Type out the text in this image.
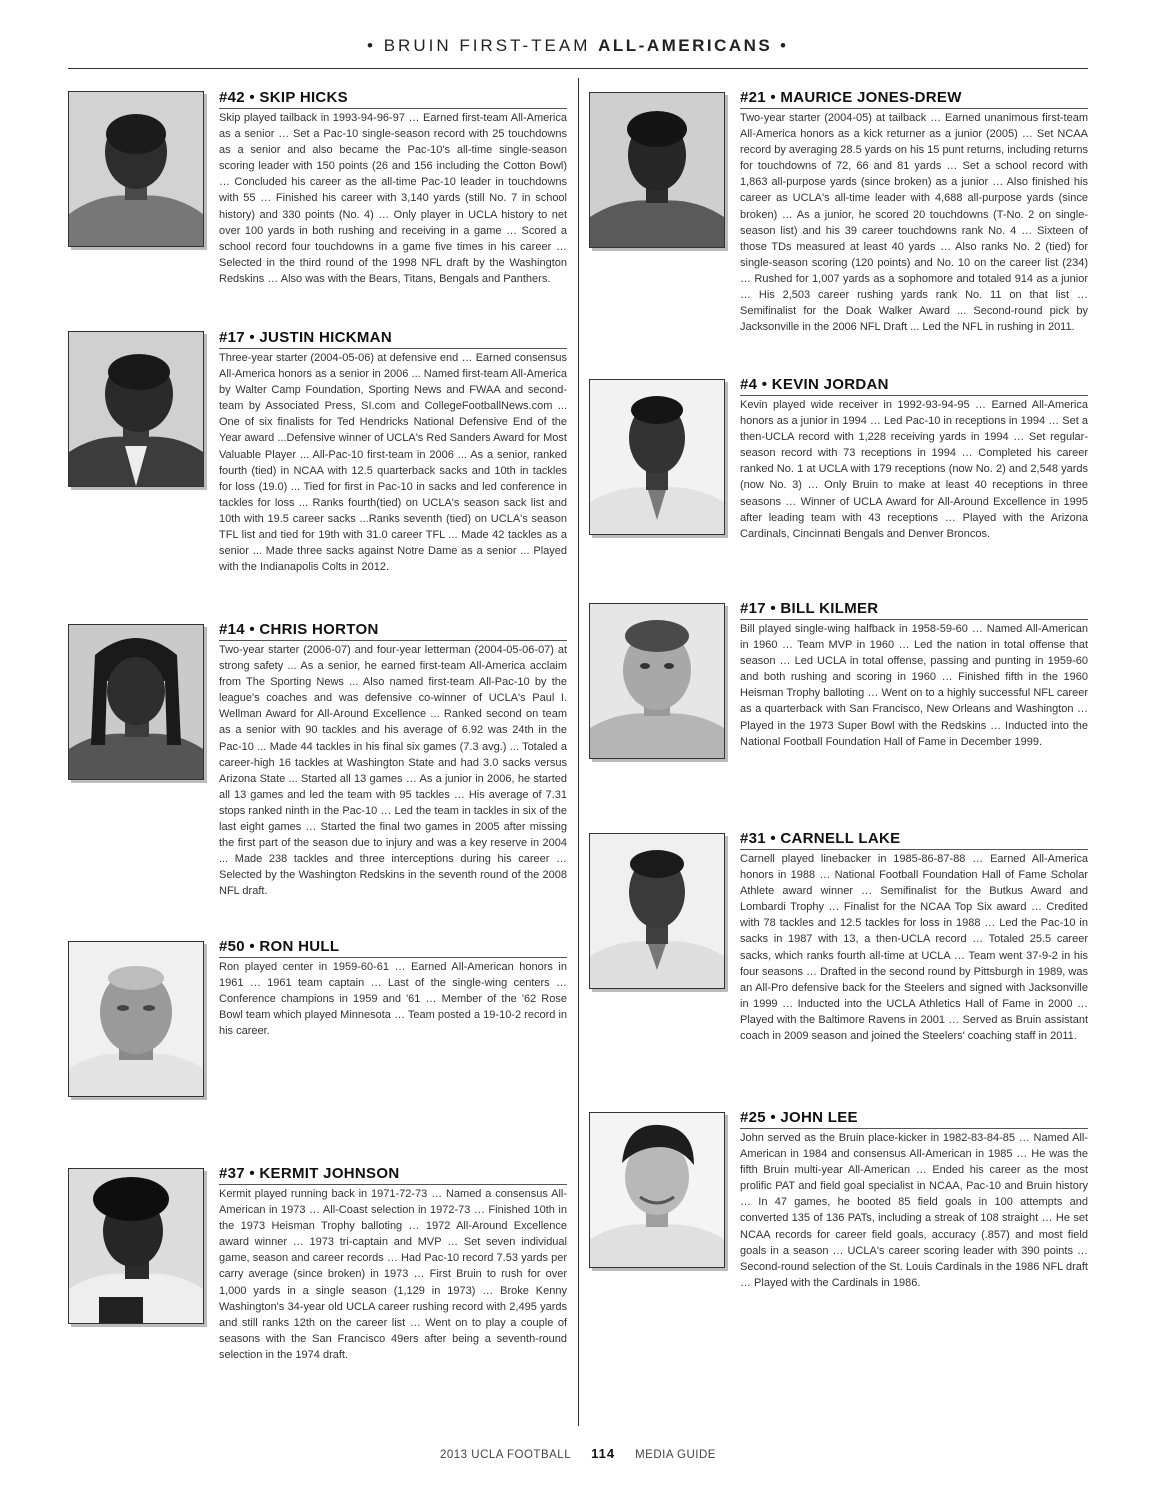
• BRUIN FIRST-TEAM ALL-AMERICANS •
#42 • SKIP HICKS
Skip played tailback in 1993-94-96-97 … Earned first-team All-America as a senior … Set a Pac-10 single-season record with 25 touchdowns as a senior and also became the Pac-10's all-time single-season scoring leader with 150 points (26 and 156 including the Cotton Bowl) … Concluded his career as the all-time Pac-10 leader in touchdowns with 55 … Finished his career with 3,140 yards (still No. 7 in school history) and 330 points (No. 4) … Only player in UCLA history to net over 100 yards in both rushing and receiving in a game … Scored a school record four touchdowns in a game five times in his career … Selected in the third round of the 1998 NFL draft by the Washington Redskins … Also was with the Bears, Titans, Bengals and Panthers.
#17 • JUSTIN HICKMAN
Three-year starter (2004-05-06) at defensive end … Earned consensus All-America honors as a senior in 2006 ... Named first-team All-America by Walter Camp Foundation, Sporting News and FWAA and second-team by Associated Press, SI.com and CollegeFootballNews.com ... One of six finalists for Ted Hendricks National Defensive End of the Year award ...Defensive winner of UCLA's Red Sanders Award for Most Valuable Player ... All-Pac-10 first-team in 2006 ... As a senior, ranked fourth (tied) in NCAA with 12.5 quarterback sacks and 10th in tackles for loss (19.0) ... Tied for first in Pac-10 in sacks and led conference in tackles for loss ... Ranks fourth(tied) on UCLA's season sack list and 10th with 19.5 career sacks ...Ranks seventh (tied) on UCLA's season TFL list and tied for 19th with 31.0 career TFL ... Made 42 tackles as a senior ... Made three sacks against Notre Dame as a senior ... Played with the Indianapolis Colts in 2012.
#14 • CHRIS HORTON
Two-year starter (2006-07) and four-year letterman (2004-05-06-07) at strong safety ... As a senior, he earned first-team All-America acclaim from The Sporting News ... Also named first-team All-Pac-10 by the league's coaches and was defensive co-winner of UCLA's Paul I. Wellman Award for All-Around Excellence ... Ranked second on team as a senior with 90 tackles and his average of 6.92 was 24th in the Pac-10 ... Made 44 tackles in his final six games (7.3 avg.) ... Totaled a career-high 16 tackles at Washington State and had 3.0 sacks versus Arizona State ... Started all 13 games … As a junior in 2006, he started all 13 games and led the team with 95 tackles … His average of 7.31 stops ranked ninth in the Pac-10 … Led the team in tackles in six of the last eight games … Started the final two games in 2005 after missing the first part of the season due to injury and was a key reserve in 2004 ... Made 238 tackles and three interceptions during his career … Selected by the Washington Redskins in the seventh round of the 2008 NFL draft.
#50 • RON HULL
Ron played center in 1959-60-61 … Earned All-American honors in 1961 … 1961 team captain … Last of the single-wing centers … Conference champions in 1959 and '61 … Member of the '62 Rose Bowl team which played Minnesota … Team posted a 19-10-2 record in his career.
#37 • KERMIT JOHNSON
Kermit played running back in 1971-72-73 … Named a consensus All-American in 1973 … All-Coast selection in 1972-73 … Finished 10th in the 1973 Heisman Trophy balloting … 1972 All-Around Excellence award winner … 1973 tri-captain and MVP … Set seven individual game, season and career records … Had Pac-10 record 7.53 yards per carry average (since broken) in 1973 … First Bruin to rush for over 1,000 yards in a single season (1,129 in 1973) … Broke Kenny Washington's 34-year old UCLA career rushing record with 2,495 yards and still ranks 12th on the career list … Went on to play a couple of seasons with the San Francisco 49ers after being a seventh-round selection in the 1974 draft.
#21 • MAURICE JONES-DREW
Two-year starter (2004-05) at tailback … Earned unanimous first-team All-America honors as a kick returner as a junior (2005) … Set NCAA record by averaging 28.5 yards on his 15 punt returns, including returns for touchdowns of 72, 66 and 81 yards … Set a school record with 1,863 all-purpose yards (since broken) as a junior … Also finished his career as UCLA's all-time leader with 4,688 all-purpose yards (since broken) … As a junior, he scored 20 touchdowns (T-No. 2 on single-season list) and his 39 career touchdowns rank No. 4 … Sixteen of those TDs measured at least 40 yards … Also ranks No. 2 (tied) for single-season scoring (120 points) and No. 10 on the career list (234) … Rushed for 1,007 yards as a sophomore and totaled 914 as a junior … His 2,503 career rushing yards rank No. 11 on that list … Semifinalist for the Doak Walker Award ... Second-round pick by Jacksonville in the 2006 NFL Draft ... Led the NFL in rushing in 2011.
#4 • KEVIN JORDAN
Kevin played wide receiver in 1992-93-94-95 … Earned All-America honors as a junior in 1994 … Led Pac-10 in receptions in 1994 … Set a then-UCLA record with 1,228 receiving yards in 1994 … Set regular-season record with 73 receptions in 1994 … Completed his career ranked No. 1 at UCLA with 179 receptions (now No. 2) and 2,548 yards (now No. 3) … Only Bruin to make at least 40 receptions in three seasons … Winner of UCLA Award for All-Around Excellence in 1995 after leading team with 43 receptions … Played with the Arizona Cardinals, Cincinnati Bengals and Denver Broncos.
#17 • BILL KILMER
Bill played single-wing halfback in 1958-59-60 … Named All-American in 1960 … Team MVP in 1960 … Led the nation in total offense that season … Led UCLA in total offense, passing and punting in 1959-60 and both rushing and scoring in 1960 … Finished fifth in the 1960 Heisman Trophy balloting … Went on to a highly successful NFL career as a quarterback with San Francisco, New Orleans and Washington … Played in the 1973 Super Bowl with the Redskins … Inducted into the National Football Foundation Hall of Fame in December 1999.
#31 • CARNELL LAKE
Carnell played linebacker in 1985-86-87-88 … Earned All-America honors in 1988 … National Football Foundation Hall of Fame Scholar Athlete award winner … Semifinalist for the Butkus Award and Lombardi Trophy … Finalist for the NCAA Top Six award … Credited with 78 tackles and 12.5 tackles for loss in 1988 … Led the Pac-10 in sacks in 1987 with 13, a then-UCLA record … Totaled 25.5 career sacks, which ranks fourth all-time at UCLA … Team went 37-9-2 in his four seasons … Drafted in the second round by Pittsburgh in 1989, was an All-Pro defensive back for the Steelers and signed with Jacksonville in 1999 … Inducted into the UCLA Athletics Hall of Fame in 2000 … Played with the Baltimore Ravens in 2001 … Served as Bruin assistant coach in 2009 season and joined the Steelers' coaching staff in 2011.
#25 • JOHN LEE
John served as the Bruin place-kicker in 1982-83-84-85 … Named All-American in 1984 and consensus All-American in 1985 … He was the fifth Bruin multi-year All-American … Ended his career as the most prolific PAT and field goal specialist in NCAA, Pac-10 and Bruin history … In 47 games, he booted 85 field goals in 100 attempts and converted 135 of 136 PATs, including a streak of 108 straight … He set NCAA records for career field goals, accuracy (.857) and most field goals in a season … UCLA's career scoring leader with 390 points … Second-round selection of the St. Louis Cardinals in the 1986 NFL draft … Played with the Cardinals in 1986.
2013 UCLA FOOTBALL 114 MEDIA GUIDE
